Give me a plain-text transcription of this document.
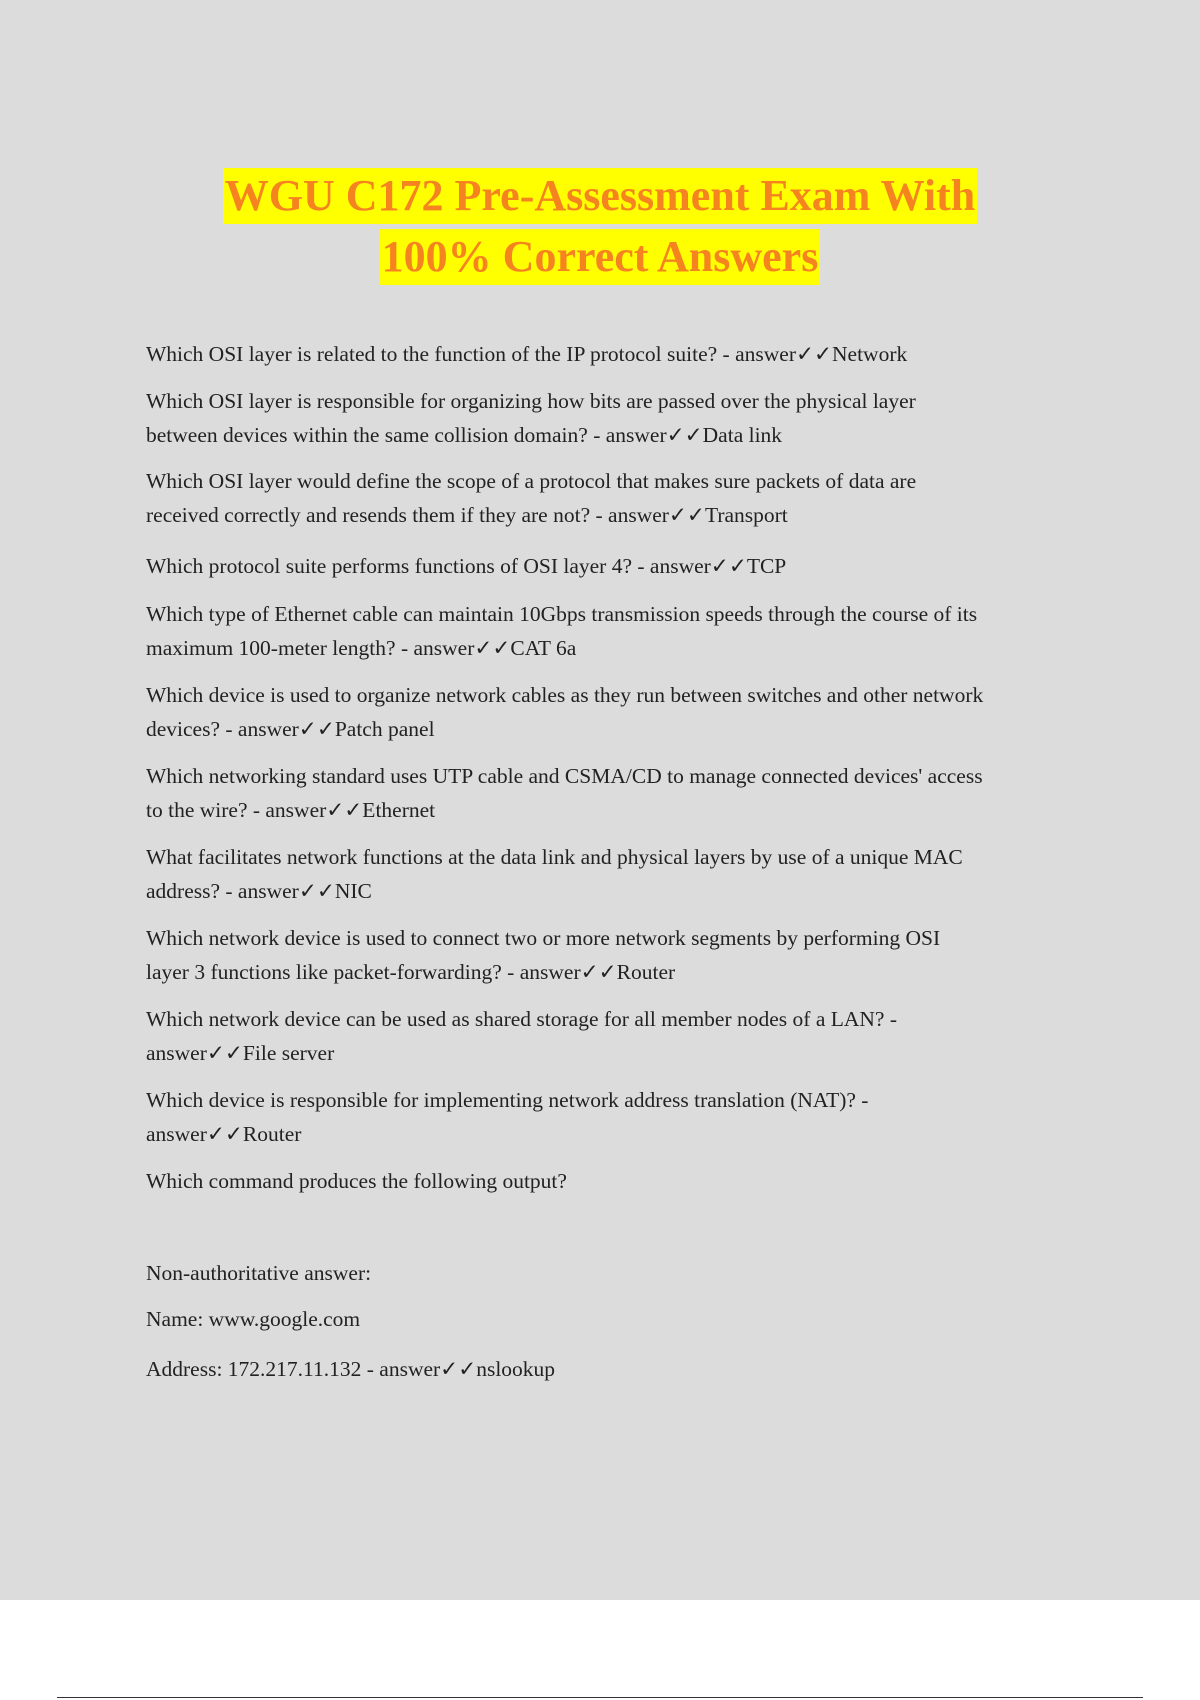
WGU C172 Pre-Assessment Exam With
100% Correct Answers

Which OSI layer is related to the function of the IP protocol suite? - answer✓✓Network

Which OSI layer is responsible for organizing how bits are passed over the physical layer
between devices within the same collision domain? - answer✓✓Data link

Which OSI layer would define the scope of a protocol that makes sure packets of data are
received correctly and resends them if they are not? - answer✓✓Transport

Which protocol suite performs functions of OSI layer 4? - answer✓✓TCP

Which type of Ethernet cable can maintain 10Gbps transmission speeds through the course of its
maximum 100-meter length? - answer✓✓CAT 6a

Which device is used to organize network cables as they run between switches and other network
devices? - answer✓✓Patch panel

Which networking standard uses UTP cable and CSMA/CD to manage connected devices' access
to the wire? - answer✓✓Ethernet

What facilitates network functions at the data link and physical layers by use of a unique MAC
address? - answer✓✓NIC

Which network device is used to connect two or more network segments by performing OSI
layer 3 functions like packet-forwarding? - answer✓✓Router

Which network device can be used as shared storage for all member nodes of a LAN? -
answer✓✓File server

Which device is responsible for implementing network address translation (NAT)? -
answer✓✓Router

Which command produces the following output?

Non-authoritative answer:

Name: www.google.com

Address: 172.217.11.132 - answer✓✓nslookup
